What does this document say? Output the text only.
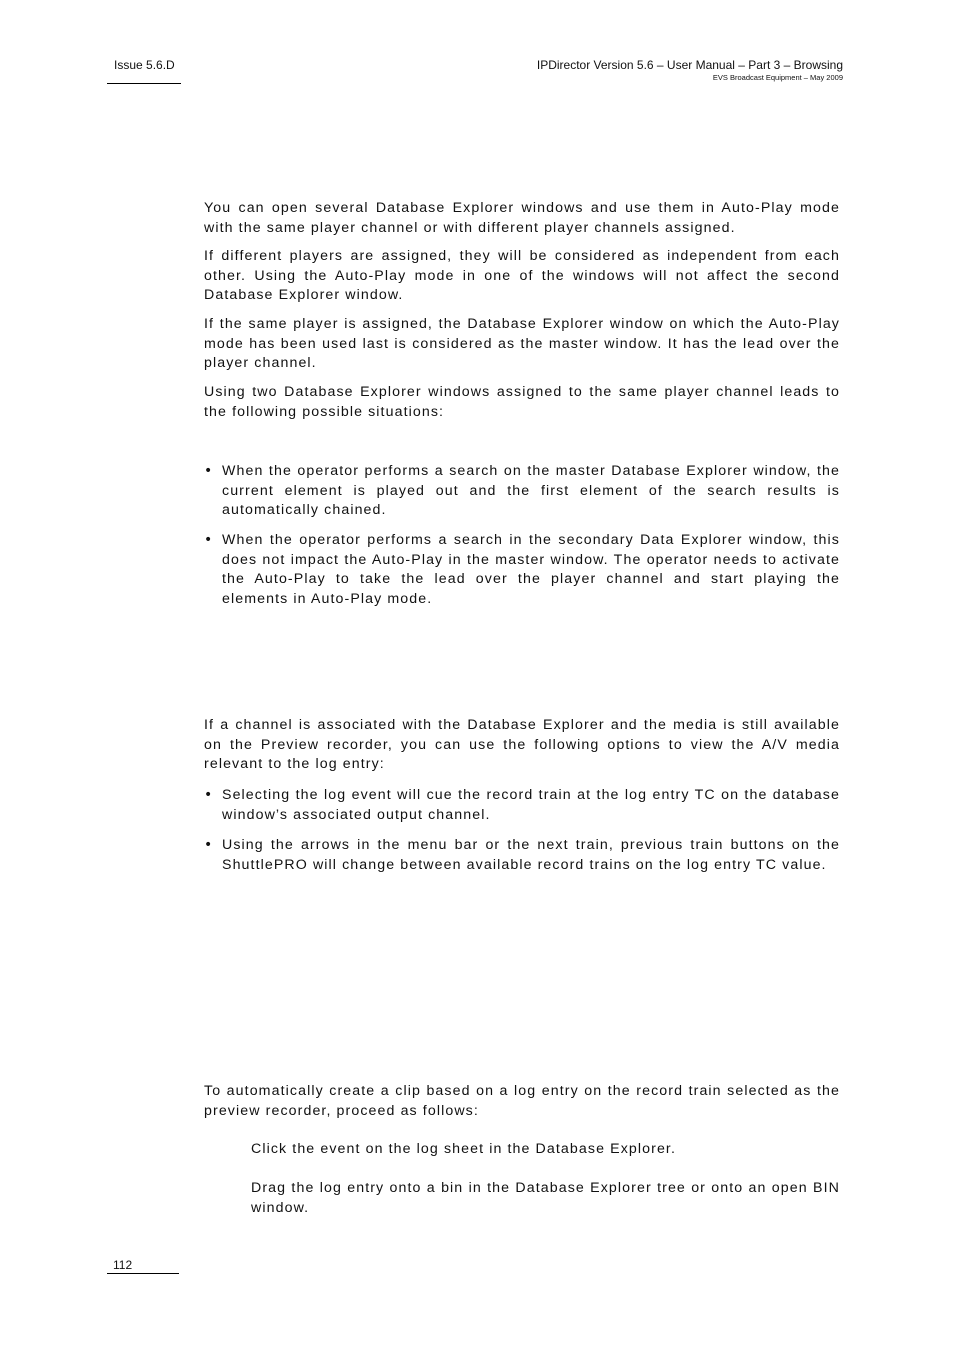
Issue 5.6.D	IPDirector Version 5.6 – User Manual – Part 3 – Browsing
EVS Broadcast Equipment – May 2009

You can open several Database Explorer windows and use them in Auto-Play mode with the same player channel or with different player channels assigned.

If different players are assigned, they will be considered as independent from each other. Using the Auto-Play mode in one of the windows will not affect the second Database Explorer window.

If the same player is assigned, the Database Explorer window on which the Auto-Play mode has been used last is considered as the master window. It has the lead over the player channel.

Using two Database Explorer windows assigned to the same player channel leads to the following possible situations:

• When the operator performs a search on the master Database Explorer window, the current element is played out and the first element of the search results is automatically chained.
• When the operator performs a search in the secondary Data Explorer window, this does not impact the Auto-Play in the master window. The operator needs to activate the Auto-Play to take the lead over the player channel and start playing the elements in Auto-Play mode.

If a channel is associated with the Database Explorer and the media is still available on the Preview recorder, you can use the following options to view the A/V media relevant to the log entry:

• Selecting the log event will cue the record train at the log entry TC on the database window’s associated output channel.
• Using the arrows in the menu bar or the next train, previous train buttons on the ShuttlePRO will change between available record trains on the log entry TC value.

To automatically create a clip based on a log entry on the record train selected as the preview recorder, proceed as follows:

Click the event on the log sheet in the Database Explorer.

Drag the log entry onto a bin in the Database Explorer tree or onto an open BIN window.

112
